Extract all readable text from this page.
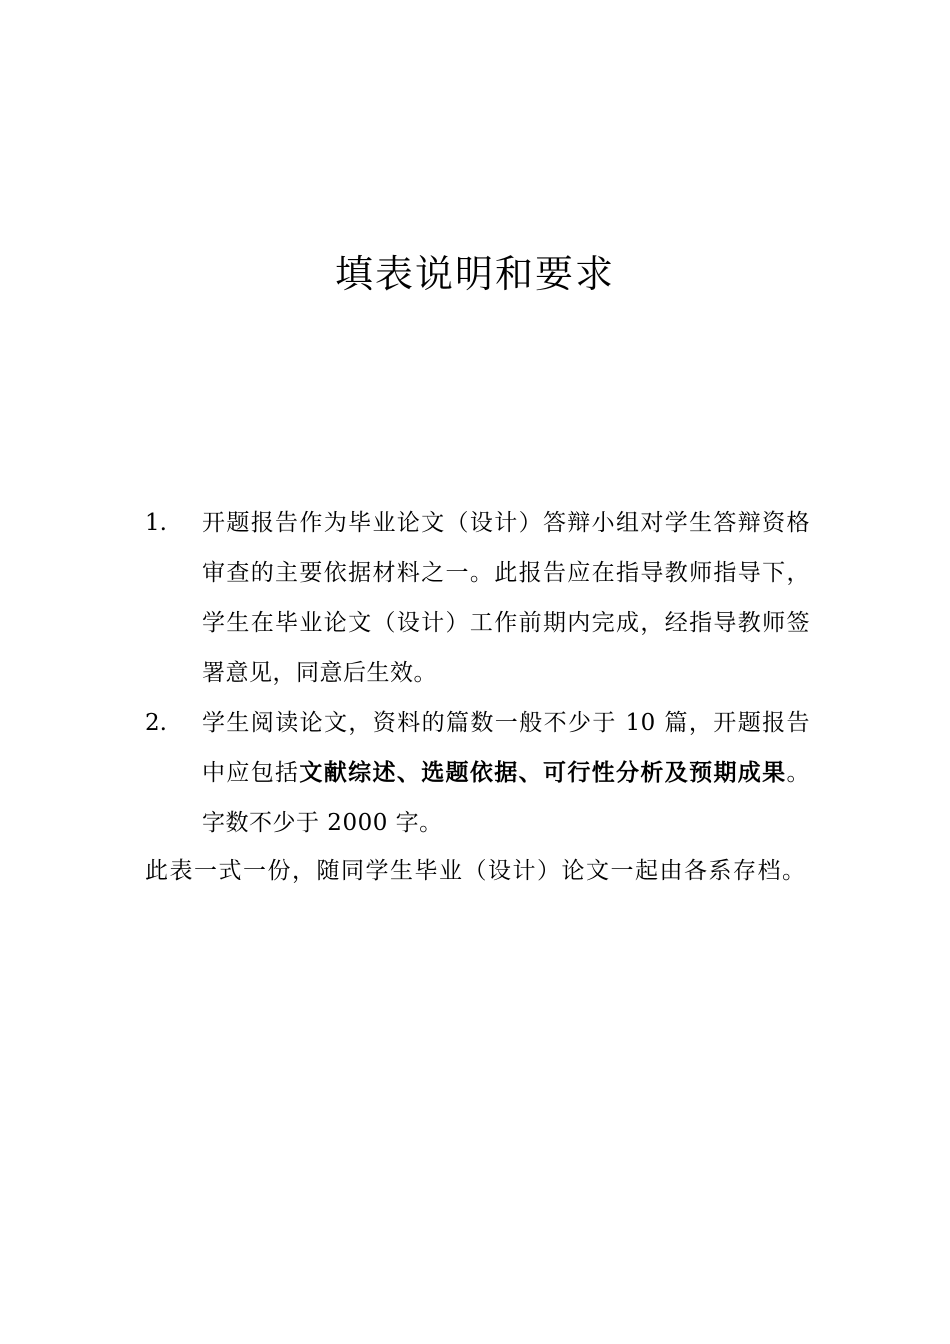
填表说明和要求
1.	开题报告作为毕业论文（设计）答辩小组对学生答辩资格审查的主要依据材料之一。此报告应在指导教师指导下，学生在毕业论文（设计）工作前期内完成，经指导教师签署意见，同意后生效。
2.	学生阅读论文，资料的篇数一般不少于 10 篇，开题报告中应包括文献综述、选题依据、可行性分析及预期成果。字数不少于 2000 字。

此表一式一份，随同学生毕业（设计）论文一起由各系存档。
